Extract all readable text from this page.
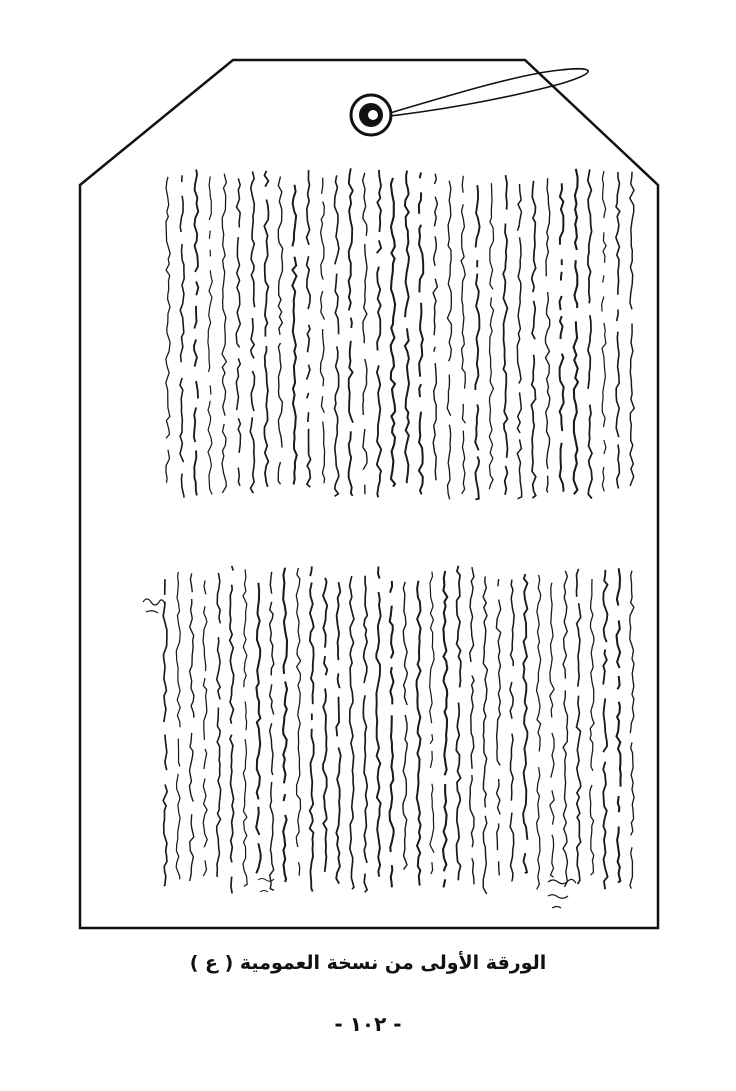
الورقة الأولى من نسخة العمومية ( ع )
- ١٠٢ -
